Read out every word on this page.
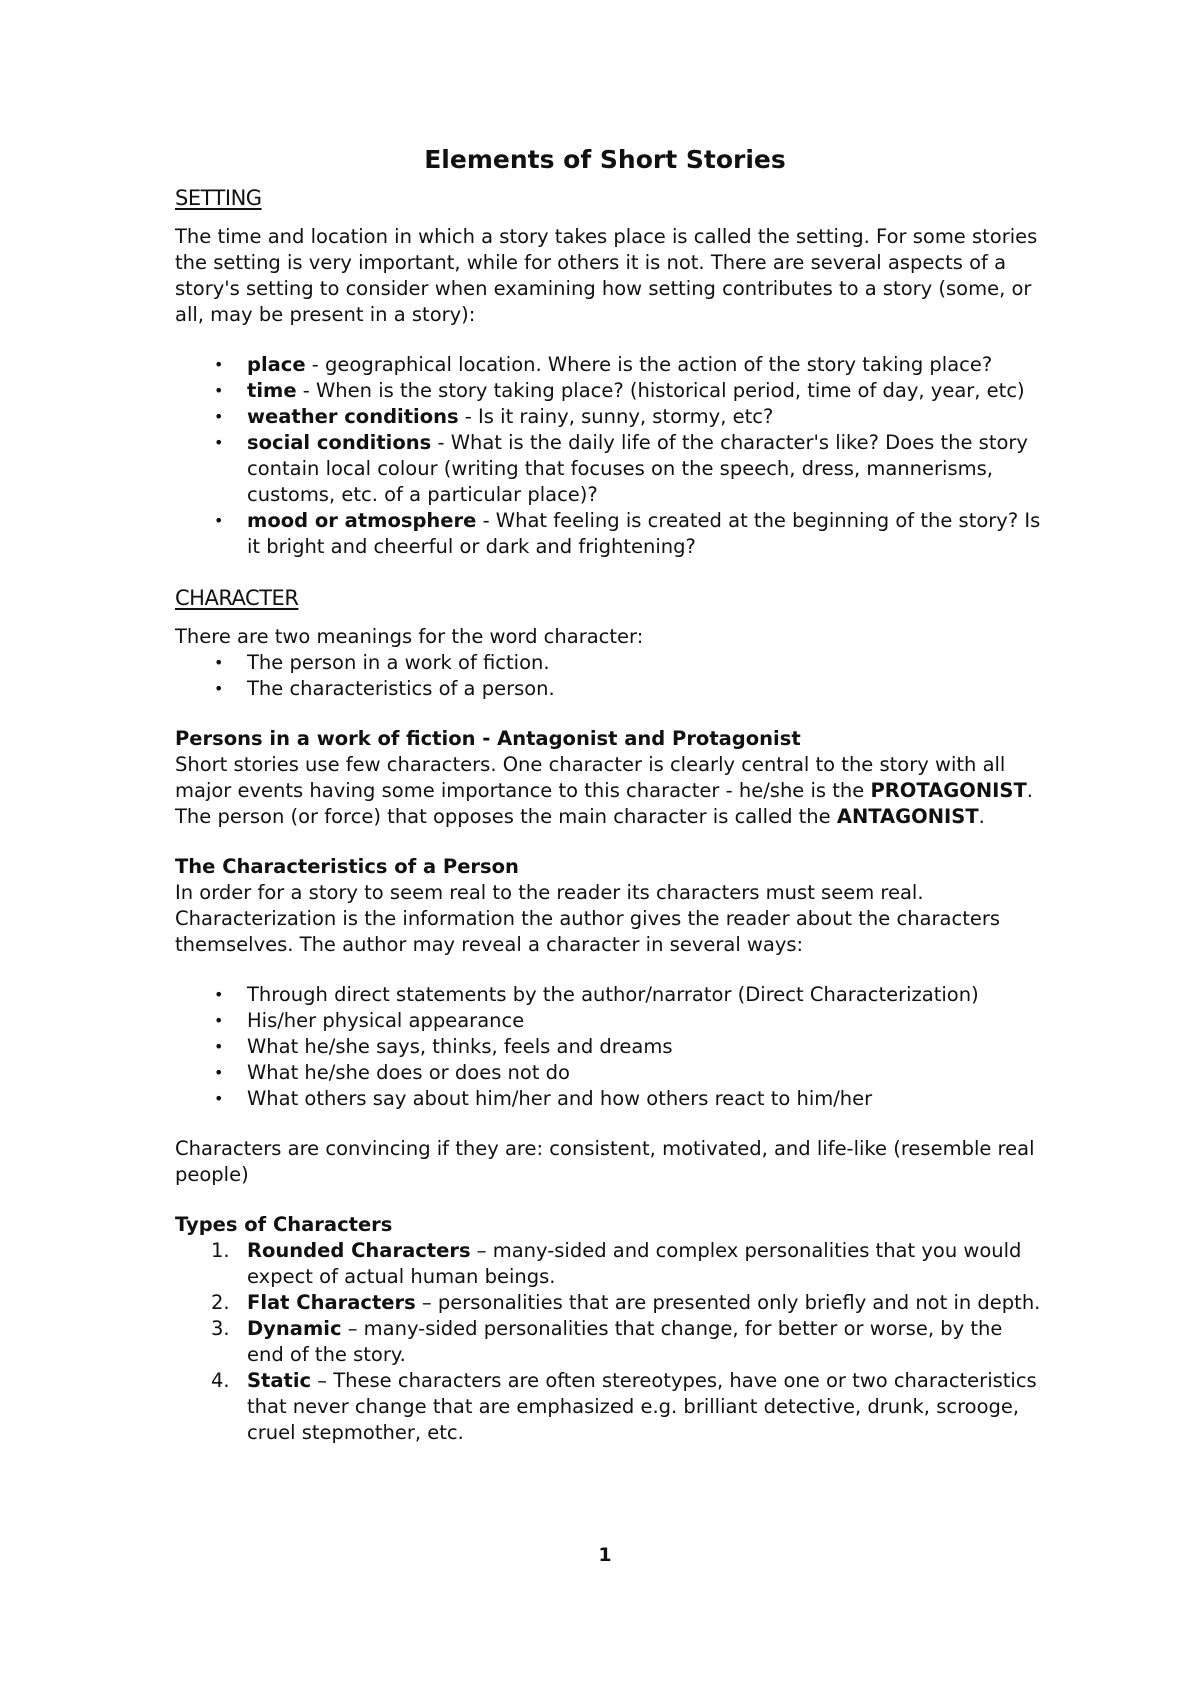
Elements of Short Stories
SETTING

The time and location in which a story takes place is called the setting. For some stories the setting is very important, while for others it is not. There are several aspects of a story's setting to consider when examining how setting contributes to a story (some, or all, may be present in a story):

• place - geographical location. Where is the action of the story taking place?
• time - When is the story taking place? (historical period, time of day, year, etc)
• weather conditions - Is it rainy, sunny, stormy, etc?
• social conditions - What is the daily life of the character's like? Does the story contain local colour (writing that focuses on the speech, dress, mannerisms, customs, etc. of a particular place)?
• mood or atmosphere - What feeling is created at the beginning of the story? Is it bright and cheerful or dark and frightening?
CHARACTER

There are two meanings for the word character:

• The person in a work of fiction.
• The characteristics of a person.

Persons in a work of fiction - Antagonist and Protagonist

Short stories use few characters. One character is clearly central to the story with all major events having some importance to this character - he/she is the PROTAGONIST. The person (or force) that opposes the main character is called the ANTAGONIST.

The Characteristics of a Person

In order for a story to seem real to the reader its characters must seem real. Characterization is the information the author gives the reader about the characters themselves. The author may reveal a character in several ways:

• Through direct statements by the author/narrator (Direct Characterization)
• His/her physical appearance
• What he/she says, thinks, feels and dreams
• What he/she does or does not do
• What others say about him/her and how others react to him/her

Characters are convincing if they are: consistent, motivated, and life-like (resemble real people)

Types of Characters

1. Rounded Characters – many-sided and complex personalities that you would expect of actual human beings.
2. Flat Characters – personalities that are presented only briefly and not in depth.
3. Dynamic – many-sided personalities that change, for better or worse, by the end of the story.
4. Static – These characters are often stereotypes, have one or two characteristics that never change that are emphasized e.g. brilliant detective, drunk, scrooge, cruel stepmother, etc.
1
